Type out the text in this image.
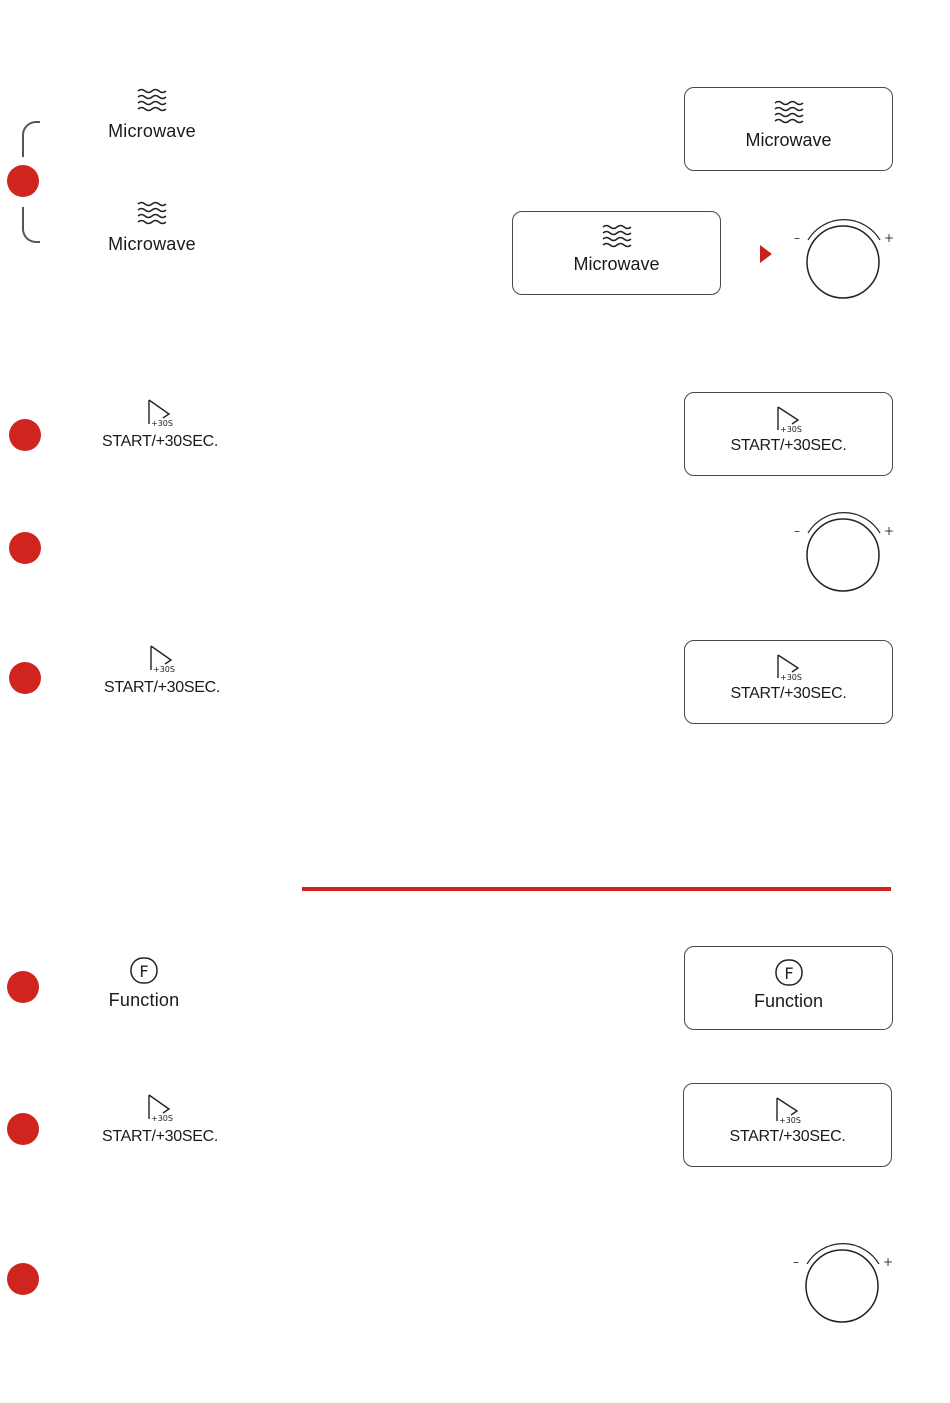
Microwave
Microwave
+30S
START/+30SEC.
+30S
START/+30SEC.
F
Function
+30S
START/+30SEC.
Microwave
Microwave
–	+
+30S
START/+30SEC.
–	+
+30S
START/+30SEC.
F
Function
+30S
START/+30SEC.
–	+
